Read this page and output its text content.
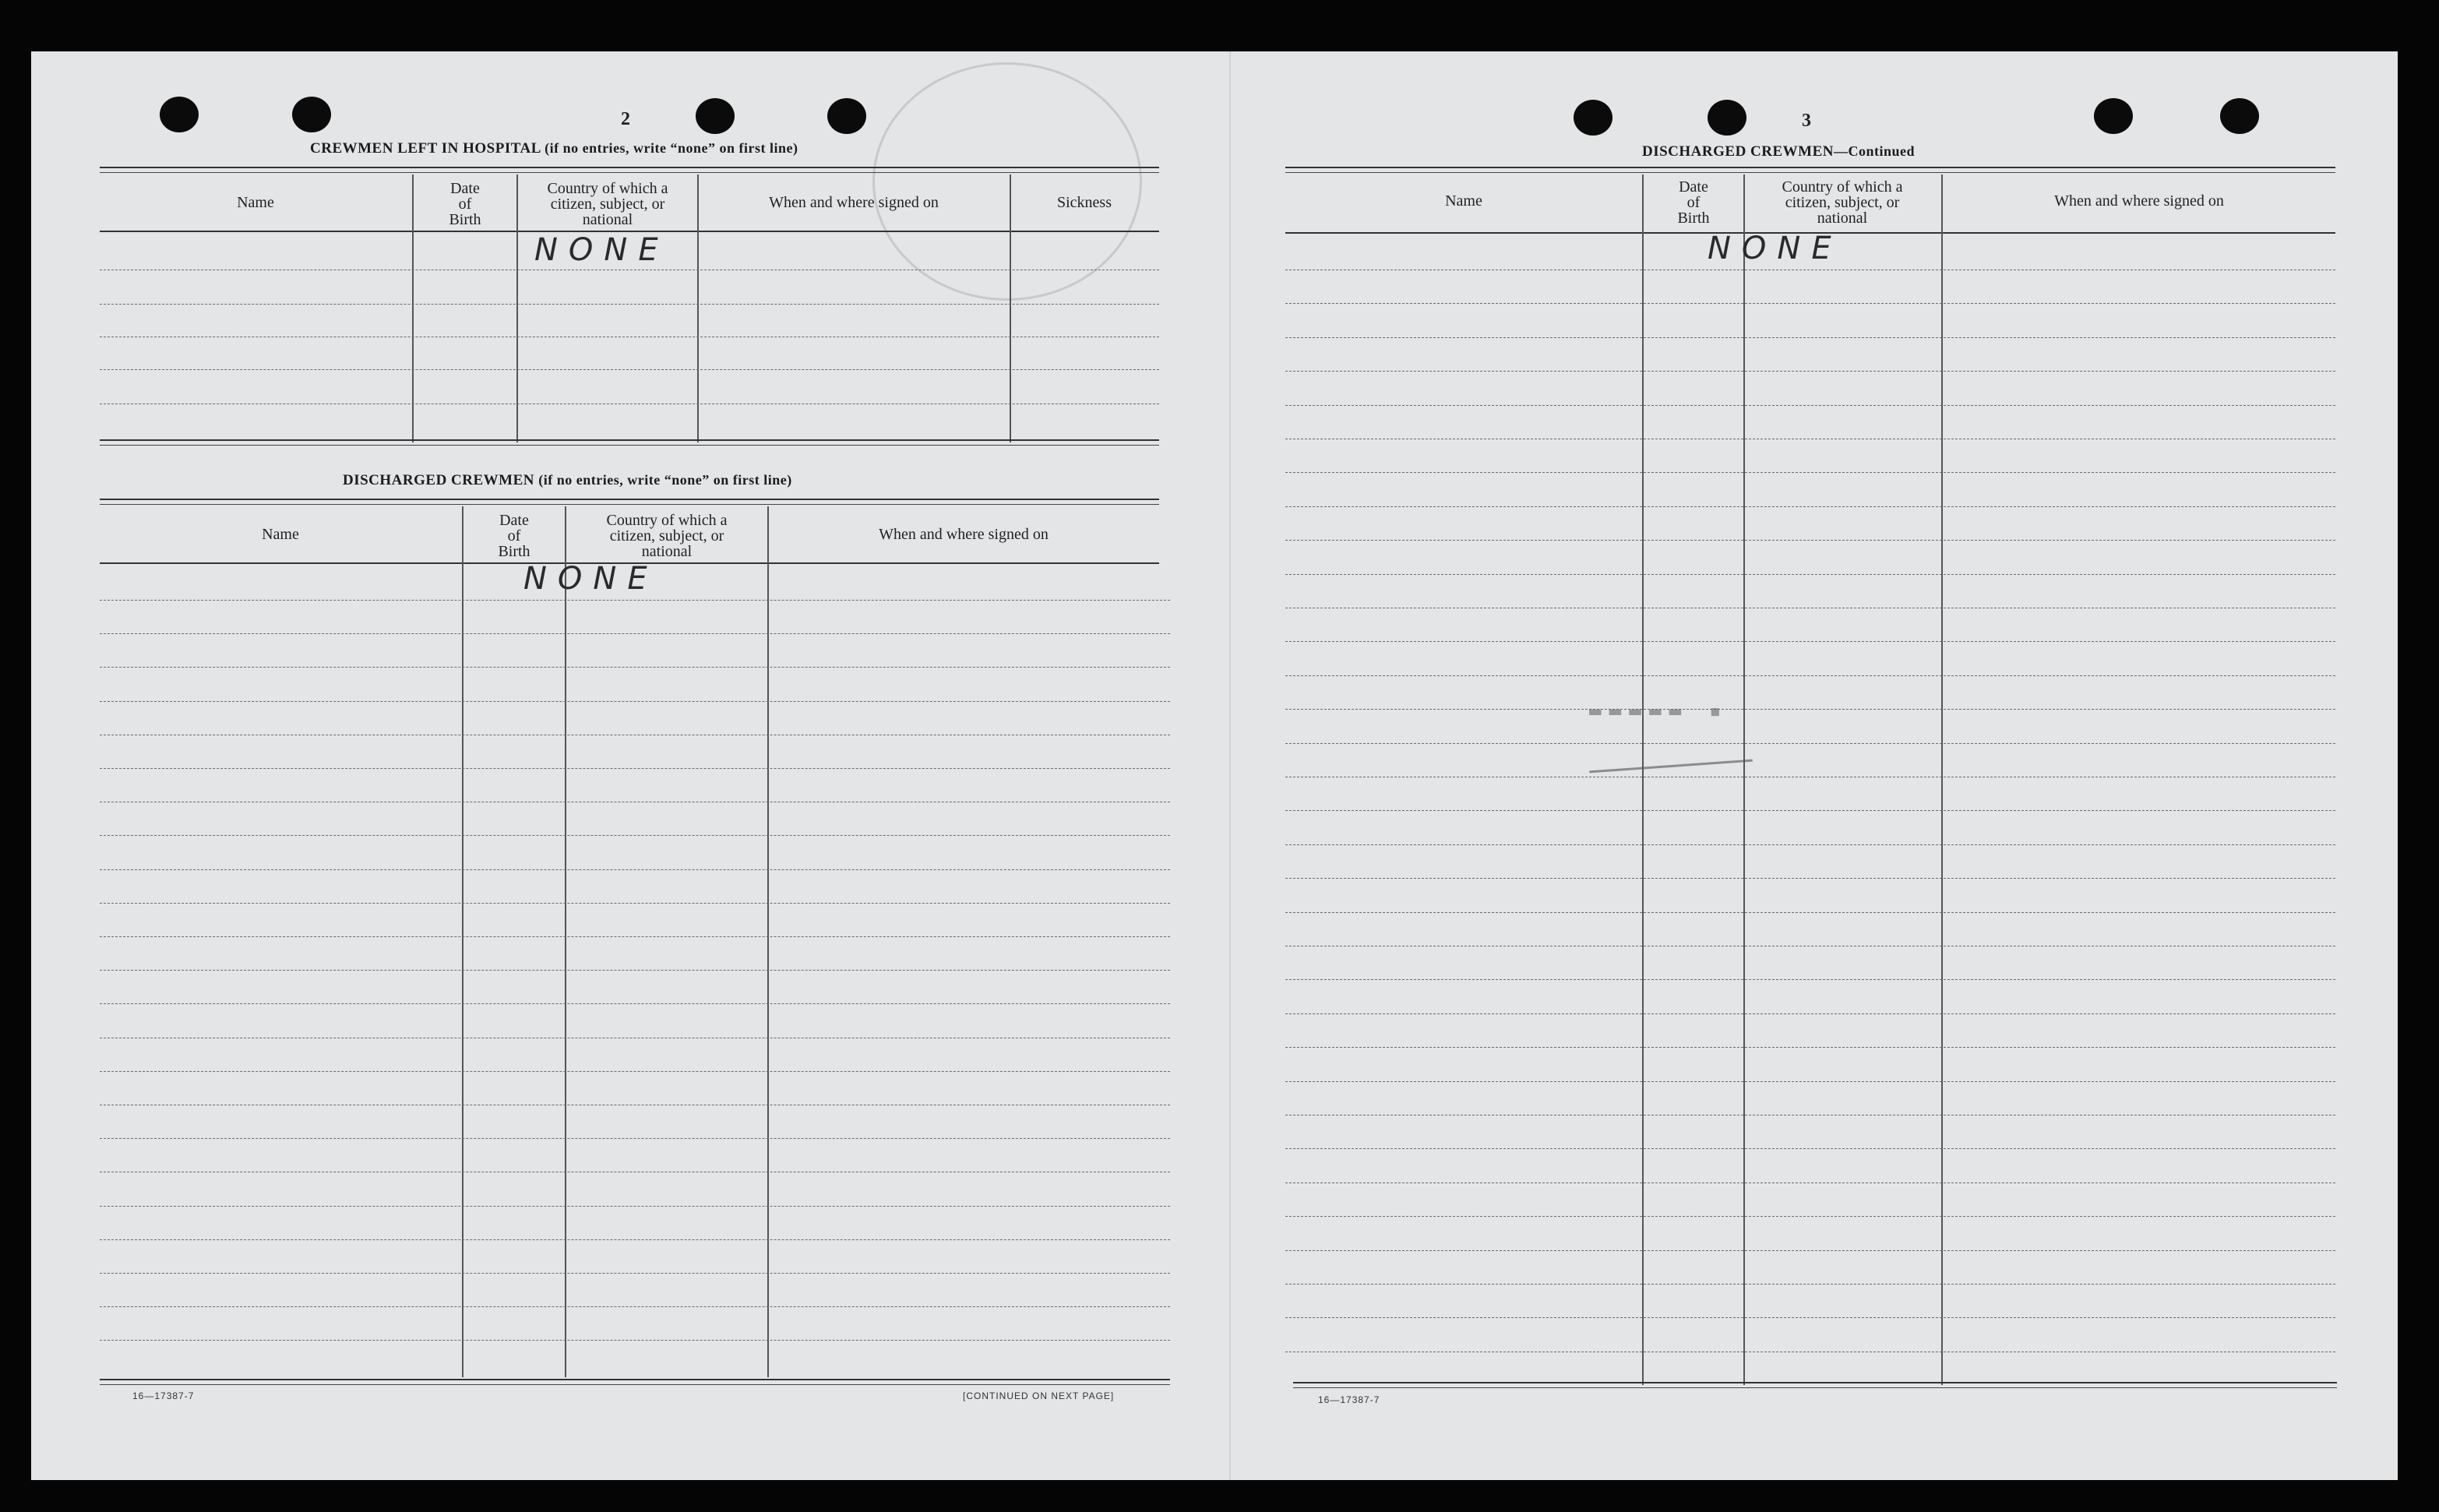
2
CREWMEN LEFT IN HOSPITAL (if no entries, write “none” on first line)
Name
Date
of
Birth
Country of which a
citizen, subject, or
national
When and where signed on	Sickness
NONE
DISCHARGED CREWMEN (if no entries, write “none” on first line)
Name
Date
of
Birth
Country of which a
citizen, subject, or
national
When and where signed on
NONE
16—17387-7	[CONTINUED ON NEXT PAGE]
3
DISCHARGED CREWMEN—Continued
Name
Date
of
Birth
Country of which a
citizen, subject, or
national
When and where signed on
NONE
▬▬▬▬▬ ▪
16—17387-7
